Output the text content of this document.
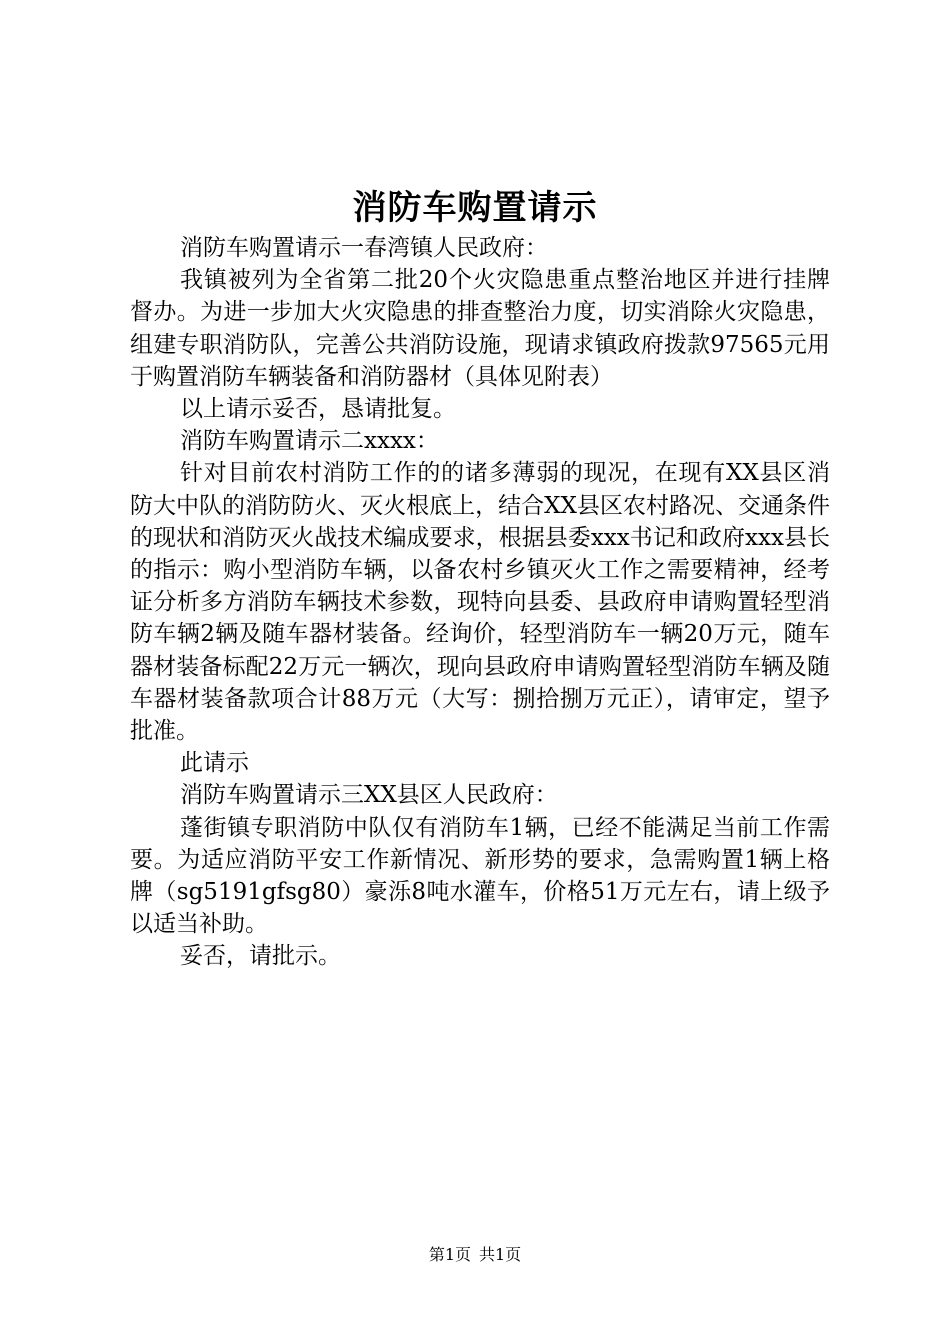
消防车购置请示

消防车购置请示一春湾镇人民政府：

我镇被列为全省第二批20个火灾隐患重点整治地区并进行挂牌督办。为进一步加大火灾隐患的排查整治力度，切实消除火灾隐患，组建专职消防队，完善公共消防设施，现请求镇政府拨款97565元用于购置消防车辆装备和消防器材（具体见附表）

以上请示妥否，恳请批复。

消防车购置请示二xxxx：

针对目前农村消防工作的的诸多薄弱的现况，在现有XX县区消防大中队的消防防火、灭火根底上，结合XX县区农村路况、交通条件的现状和消防灭火战技术编成要求，根据县委xxx书记和政府xxx县长的指示：购小型消防车辆，以备农村乡镇灭火工作之需要精神，经考证分析多方消防车辆技术参数，现特向县委、县政府申请购置轻型消防车辆2辆及随车器材装备。经询价，轻型消防车一辆20万元，随车器材装备标配22万元一辆次，现向县政府申请购置轻型消防车辆及随车器材装备款项合计88万元（大写：捌拾捌万元正），请审定，望予批准。

此请示

消防车购置请示三XX县区人民政府：

蓬街镇专职消防中队仅有消防车1辆，已经不能满足当前工作需要。为适应消防平安工作新情况、新形势的要求，急需购置1辆上格牌（sg5191gfsg80）豪泺8吨水灌车，价格51万元左右，请上级予以适当补助。

妥否，请批示。

第1页 共1页
